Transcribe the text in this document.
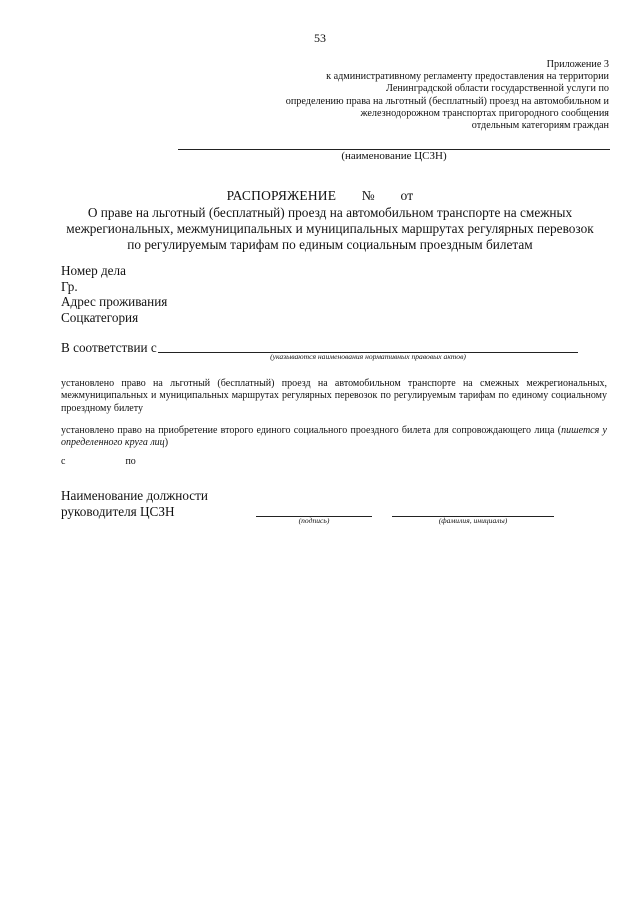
53
Приложение 3
к административному регламенту предоставления на территории
Ленинградской области государственной услуги по
определению права на льготный (бесплатный) проезд на автомобильном и
железнодорожном транспортах пригородного сообщения
отдельным категориям граждан
(наименование ЦСЗН)
РАСПОРЯЖЕНИЕ № от
О праве на льготный (бесплатный) проезд на автомобильном транспорте на смежных межрегиональных, межмуниципальных и муниципальных маршрутах регулярных перевозок по регулируемым тарифам по единым социальным проездным билетам
Номер дела
Гр.
Адрес проживания
Соцкатегория
В соответствии с
(указываются наименования нормативных правовых актов)
установлено право на льготный (бесплатный) проезд на автомобильном транспорте на смежных межрегиональных, межмуниципальных и муниципальных маршрутах регулярных перевозок по регулируемым тарифам по единому социальному проездному билету
установлено право на приобретение второго единого социального проездного билета для сопровождающего лица (пишется у определенного круга лиц)
с	по
Наименование должности
руководителя ЦСЗН
(подпись)	(фамилия, инициалы)
